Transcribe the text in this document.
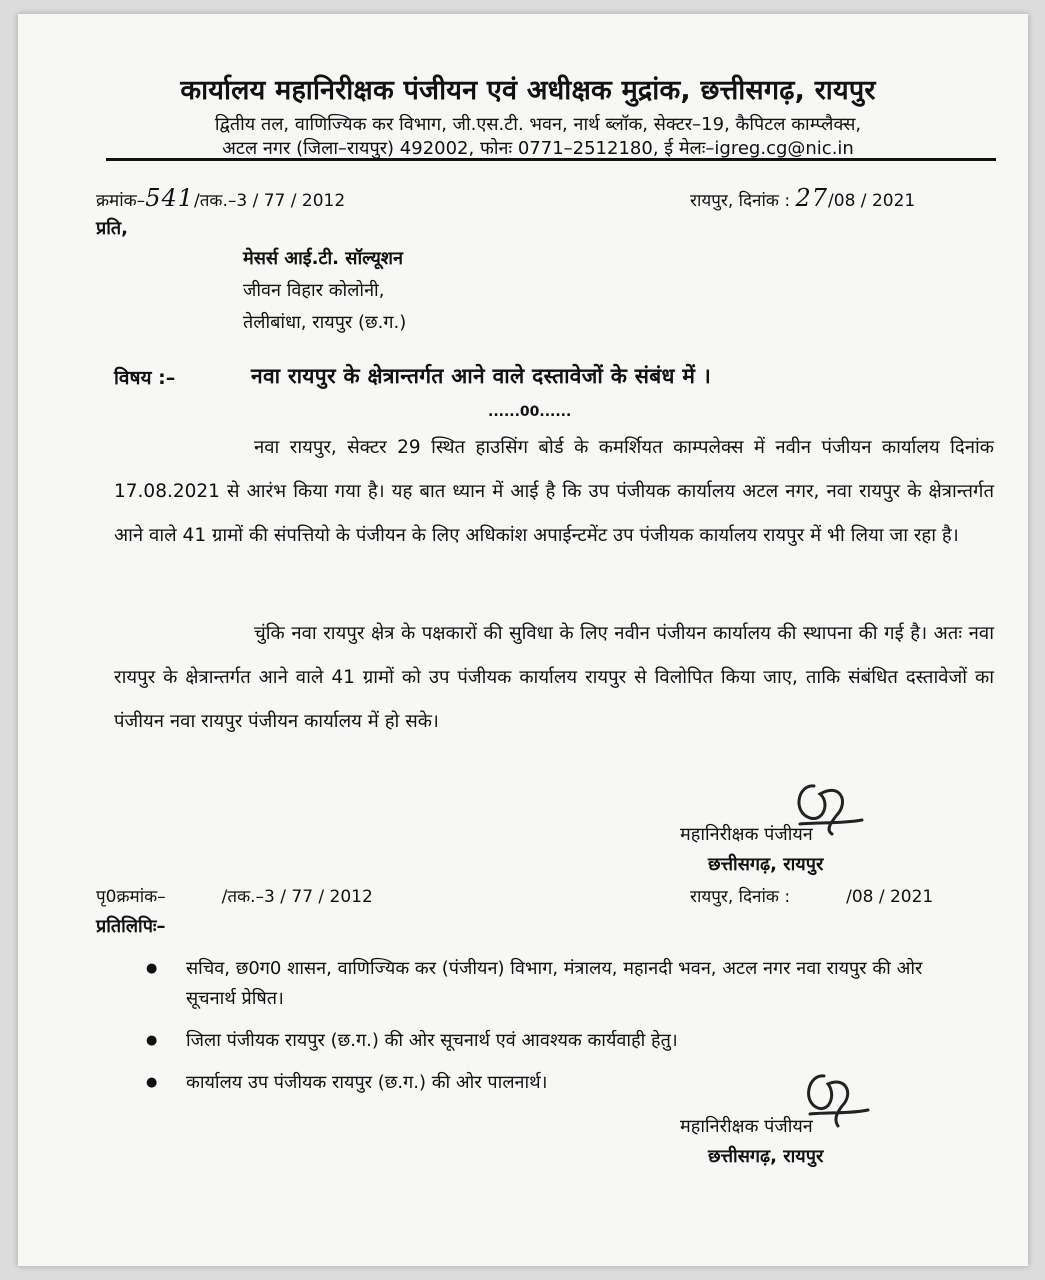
कार्यालय महानिरीक्षक पंजीयन एवं अधीक्षक मुद्रांक, छत्तीसगढ़, रायपुर
द्वितीय तल, वाणिज्यिक कर विभाग, जी.एस.टी. भवन, नार्थ ब्लॉक, सेक्टर–19, कैपिटल काम्प्लैक्स,
अटल नगर (जिला–रायपुर) 492002, फोनः 0771–2512180, ई मेलः–igreg.cg@nic.in
क्रमांक–541/तक.–3 / 77 / 2012	रायपुर, दिनांक : 27/08 / 2021
प्रति,
मेसर्स आई.टी. सॉल्यूशन
जीवन विहार कोलोनी,
तेलीबांधा, रायपुर (छ.ग.)
विषय :–	नवा रायपुर के क्षेत्रान्तर्गत आने वाले दस्तावेजों के संबंध में ।
......00......
नवा रायपुर, सेक्टर 29 स्थित हाउसिंग बोर्ड के कमर्शियत काम्पलेक्स में नवीन पंजीयन कार्यालय दिनांक 17.08.2021 से आरंभ किया गया है। यह बात ध्यान में आई है कि उप पंजीयक कार्यालय अटल नगर, नवा रायपुर के क्षेत्रान्तर्गत आने वाले 41 ग्रामों की संपत्तियो के पंजीयन के लिए अधिकांश अपाईन्टमेंट उप पंजीयक कार्यालय रायपुर में भी लिया जा रहा है।
चुंकि नवा रायपुर क्षेत्र के पक्षकारों की सुविधा के लिए नवीन पंजीयन कार्यालय की स्थापना की गई है। अतः नवा रायपुर के क्षेत्रान्तर्गत आने वाले 41 ग्रामों को उप पंजीयक कार्यालय रायपुर से विलोपित किया जाए, ताकि संबंधित दस्तावेजों का पंजीयन नवा रायपुर पंजीयन कार्यालय में हो सके।
महानिरीक्षक पंजीयन
छत्तीसगढ़, रायपुर
पृ0क्रमांक–	/तक.–3 / 77 / 2012	रायपुर, दिनांक :	/08 / 2021
प्रतिलिपिः–
● सचिव, छ0ग0 शासन, वाणिज्यिक कर (पंजीयन) विभाग, मंत्रालय, महानदी भवन, अटल नगर नवा रायपुर की ओर सूचनार्थ प्रेषित।
● जिला पंजीयक रायपुर (छ.ग.) की ओर सूचनार्थ एवं आवश्यक कार्यवाही हेतु।
● कार्यालय उप पंजीयक रायपुर (छ.ग.) की ओर पालनार्थ।
महानिरीक्षक पंजीयन
छत्तीसगढ़, रायपुर
